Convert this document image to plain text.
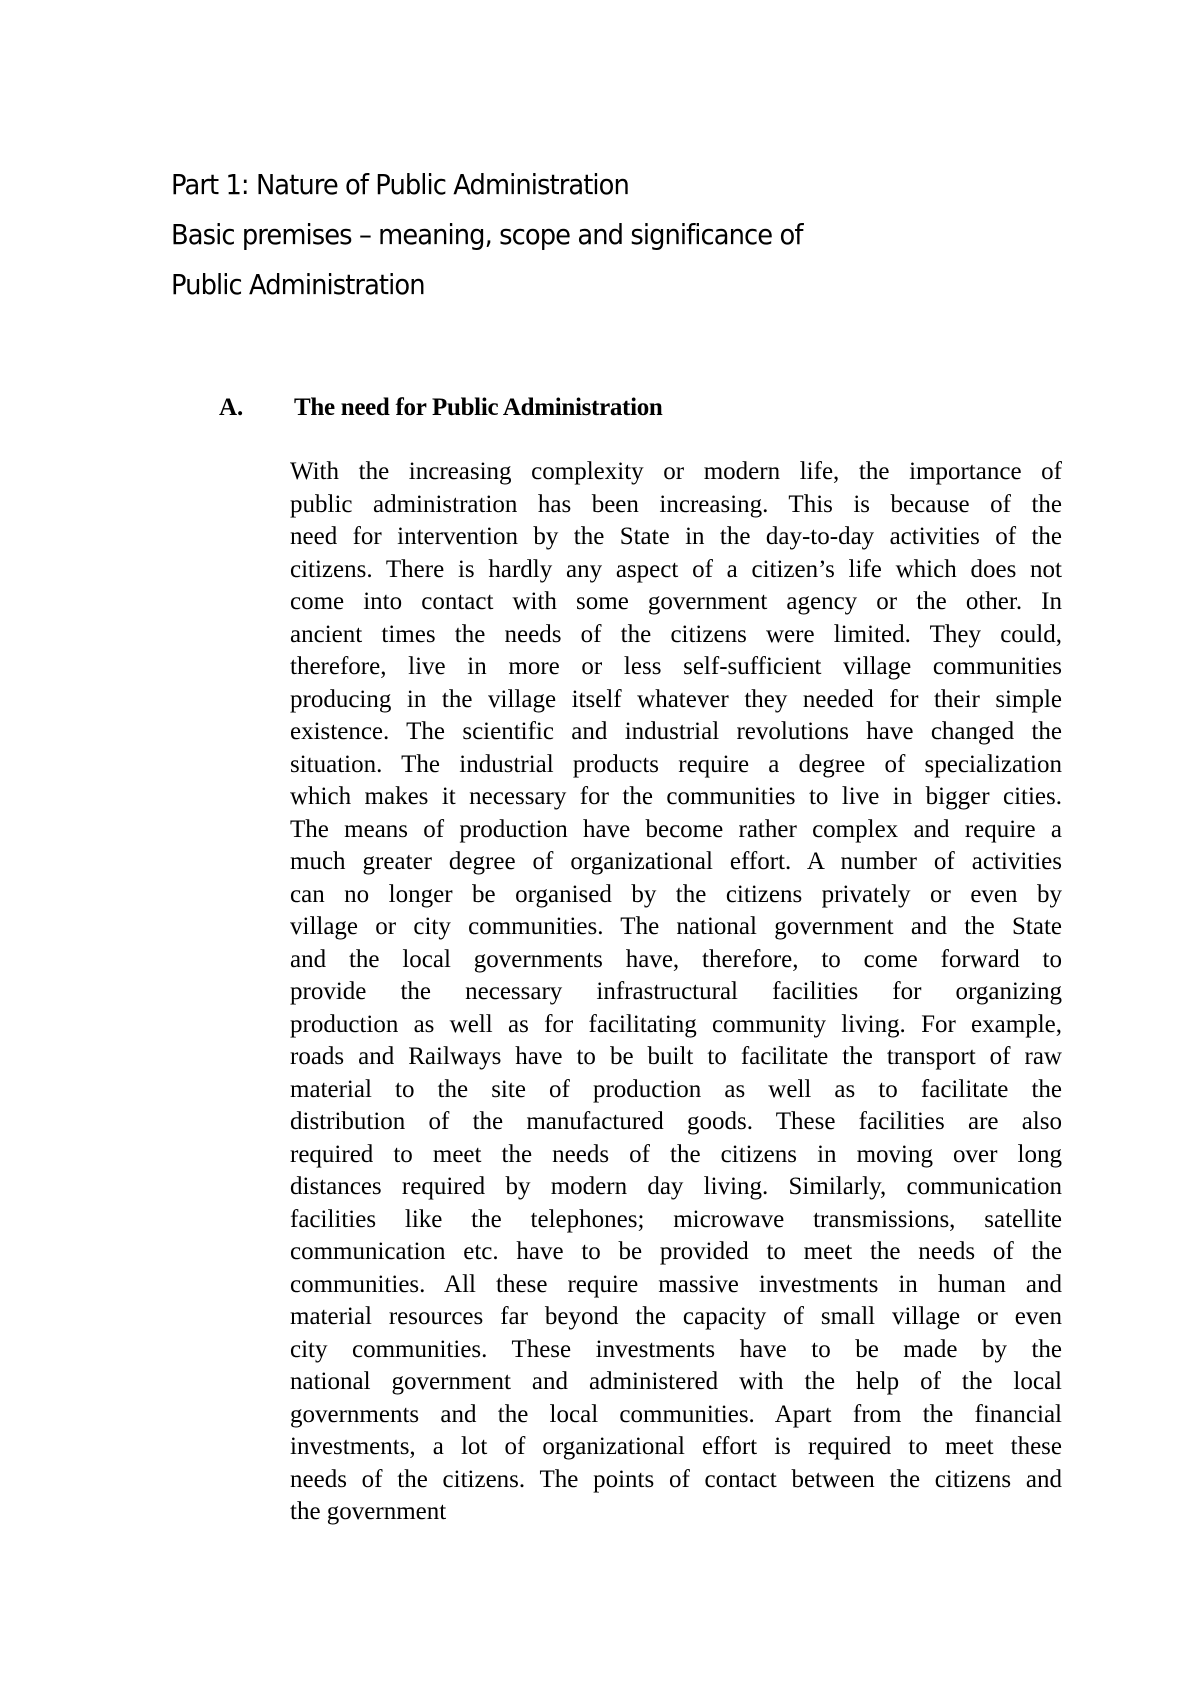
Part 1: Nature of Public Administration
Basic premises – meaning, scope and significance of
Public Administration
A. The need for Public Administration
With the increasing complexity or modern life, the importance of
public administration has been increasing. This is because of the
need for intervention by the State in the day-to-day activities of the
citizens. There is hardly any aspect of a citizen’s life which does not
come into contact with some government agency or the other. In
ancient times the needs of the citizens were limited. They could,
therefore, live in more or less self-sufficient village communities
producing in the village itself whatever they needed for their simple
existence. The scientific and industrial revolutions have changed the
situation. The industrial products require a degree of specialization
which makes it necessary for the communities to live in bigger cities.
The means of production have become rather complex and require a
much greater degree of organizational effort. A number of activities
can no longer be organised by the citizens privately or even by
village or city communities. The national government and the State
and the local governments have, therefore, to come forward to
provide the necessary infrastructural facilities for organizing
production as well as for facilitating community living. For example,
roads and Railways have to be built to facilitate the transport of raw
material to the site of production as well as to facilitate the
distribution of the manufactured goods. These facilities are also
required to meet the needs of the citizens in moving over long
distances required by modern day living. Similarly, communication
facilities like the telephones; microwave transmissions, satellite
communication etc. have to be provided to meet the needs of the
communities. All these require massive investments in human and
material resources far beyond the capacity of small village or even
city communities. These investments have to be made by the
national government and administered with the help of the local
governments and the local communities. Apart from the financial
investments, a lot of organizational effort is required to meet these
needs of the citizens. The points of contact between the citizens and
the government
